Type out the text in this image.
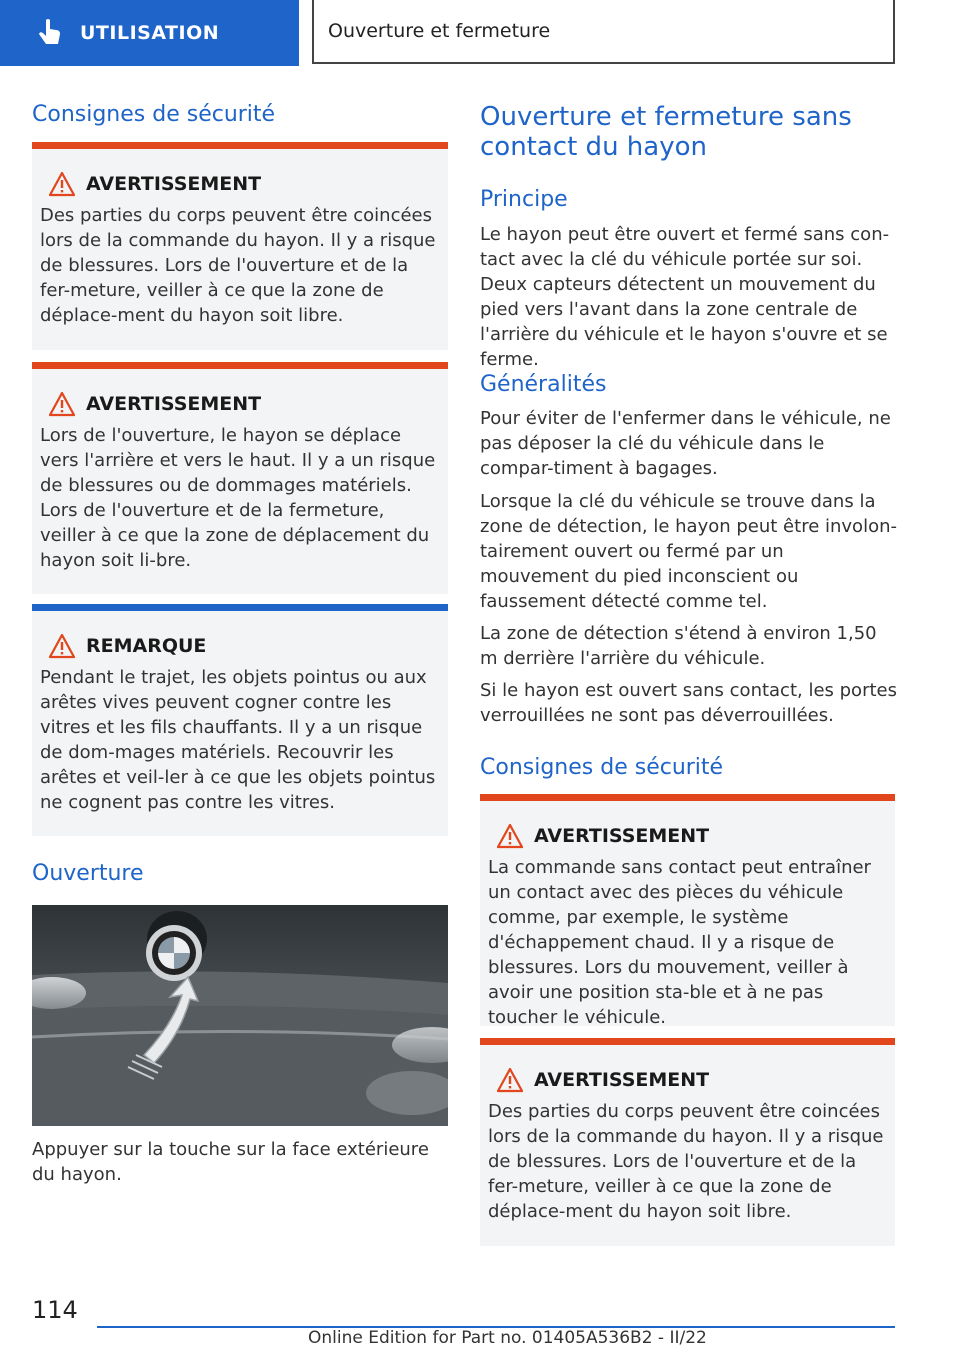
UTILISATION	Ouverture et fermeture
Consignes de sécurité
AVERTISSEMENT
Des parties du corps peuvent être coincées lors de la commande du hayon. Il y a risque de blessures. Lors de l'ouverture et de la fer-meture, veiller à ce que la zone de déplace-ment du hayon soit libre.
AVERTISSEMENT
Lors de l'ouverture, le hayon se déplace vers l'arrière et vers le haut. Il y a un risque de blessures ou de dommages matériels. Lors de l'ouverture et de la fermeture, veiller à ce que la zone de déplacement du hayon soit li-bre.
REMARQUE
Pendant le trajet, les objets pointus ou aux arêtes vives peuvent cogner contre les vitres et les fils chauffants. Il y a un risque de dom-mages matériels. Recouvrir les arêtes et veil-ler à ce que les objets pointus ne cognent pas contre les vitres.
Ouverture
Appuyer sur la touche sur la face extérieure du hayon.
Ouverture et fermeture sans contact du hayon
Principe
Le hayon peut être ouvert et fermé sans con-tact avec la clé du véhicule portée sur soi. Deux capteurs détectent un mouvement du pied vers l'avant dans la zone centrale de l'arrière du véhicule et le hayon s'ouvre et se ferme.
Généralités
Pour éviter de l'enfermer dans le véhicule, ne pas déposer la clé du véhicule dans le compar-timent à bagages.
Lorsque la clé du véhicule se trouve dans la zone de détection, le hayon peut être involon-tairement ouvert ou fermé par un mouvement du pied inconscient ou faussement détecté comme tel.
La zone de détection s'étend à environ 1,50 m derrière l'arrière du véhicule.
Si le hayon est ouvert sans contact, les portes verrouillées ne sont pas déverrouillées.
Consignes de sécurité
AVERTISSEMENT
La commande sans contact peut entraîner un contact avec des pièces du véhicule comme, par exemple, le système d'échappement chaud. Il y a risque de blessures. Lors du mouvement, veiller à avoir une position sta-ble et à ne pas toucher le véhicule.
AVERTISSEMENT
Des parties du corps peuvent être coincées lors de la commande du hayon. Il y a risque de blessures. Lors de l'ouverture et de la fer-meture, veiller à ce que la zone de déplace-ment du hayon soit libre.
114
Online Edition for Part no. 01405A536B2 - II/22
